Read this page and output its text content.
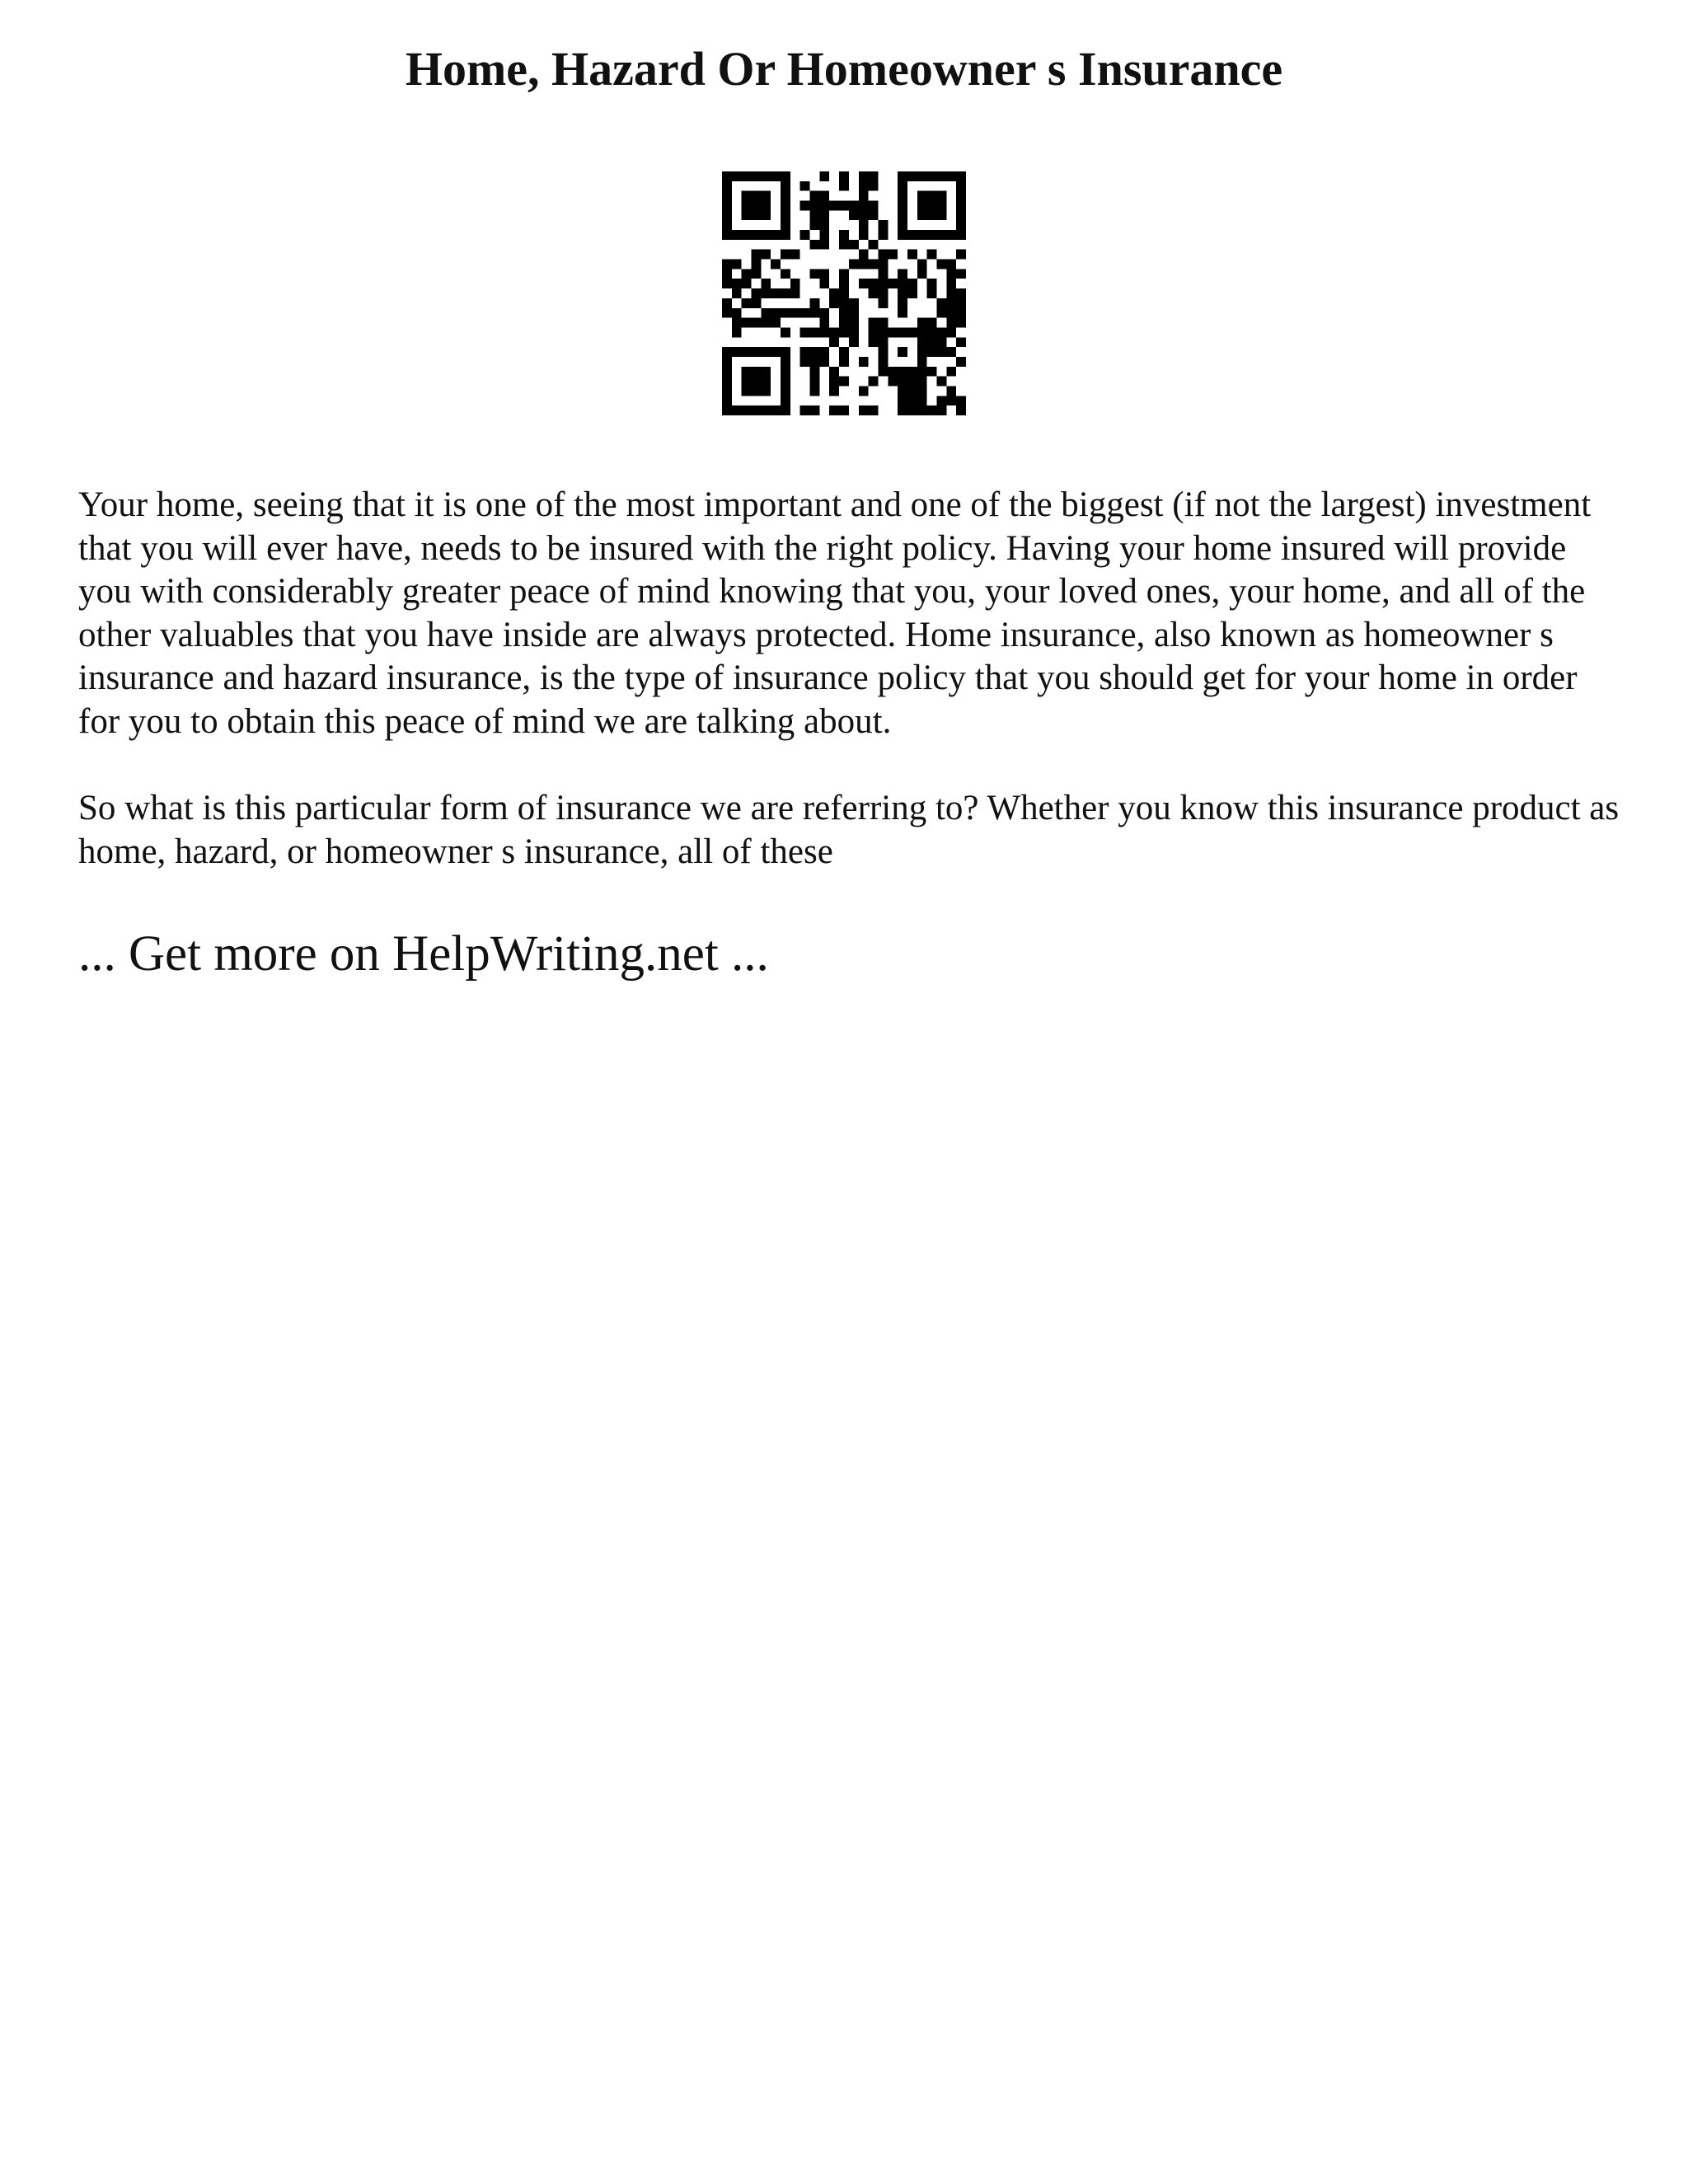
Home, Hazard Or Homeowner s Insurance

Your home, seeing that it is one of the most important and one of the biggest (if not the largest) investment that you will ever have, needs to be insured with the right policy. Having your home insured will provide you with considerably greater peace of mind knowing that you, your loved ones, your home, and all of the other valuables that you have inside are always protected. Home insurance, also known as homeowner s insurance and hazard insurance, is the type of insurance policy that you should get for your home in order for you to obtain this peace of mind we are talking about.

So what is this particular form of insurance we are referring to? Whether you know this insurance product as home, hazard, or homeowner s insurance, all of these

... Get more on HelpWriting.net ...
